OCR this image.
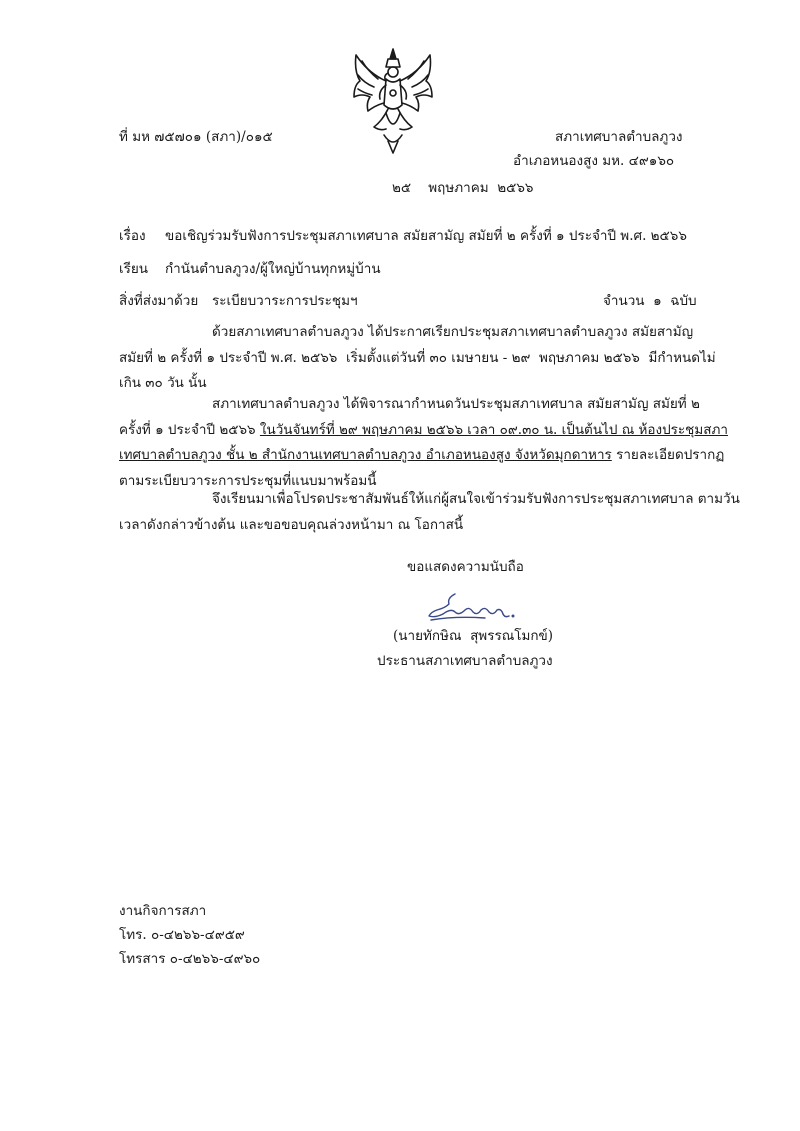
ที่ มห ๗๕๗๐๑ (สภา)/๐๑๕	สภาเทศบาลตำบลภูวง
อำเภอหนองสูง มห. ๔๙๑๖๐
๒๕    พฤษภาคม  ๒๕๖๖
เรื่อง ขอเชิญร่วมรับฟังการประชุมสภาเทศบาล สมัยสามัญ สมัยที่ ๒ ครั้งที่ ๑ ประจำปี พ.ศ. ๒๕๖๖
เรียน กำนันตำบลภูวง/ผู้ใหญ่บ้านทุกหมู่บ้าน
สิ่งที่ส่งมาด้วย ระเบียบวาระการประชุมฯ	จำนวน  ๑  ฉบับ
ด้วยสภาเทศบาลตำบลภูวง ได้ประกาศเรียกประชุมสภาเทศบาลตำบลภูวง สมัยสามัญ
สมัยที่ ๒ ครั้งที่ ๑ ประจำปี พ.ศ. ๒๕๖๖  เริ่มตั้งแต่วันที่ ๓๐ เมษายน - ๒๙  พฤษภาคม ๒๕๖๖  มีกำหนดไม่
เกิน ๓๐ วัน นั้น
สภาเทศบาลตำบลภูวง ได้พิจารณากำหนดวันประชุมสภาเทศบาล สมัยสามัญ สมัยที่ ๒
ครั้งที่ ๑ ประจำปี ๒๕๖๖ ในวันจันทร์ที่ ๒๙ พฤษภาคม ๒๕๖๖ เวลา ๐๙.๓๐ น. เป็นต้นไป ณ ห้องประชุมสภา
เทศบาลตำบลภูวง ชั้น ๒ สำนักงานเทศบาลตำบลภูวง อำเภอหนองสูง จังหวัดมุกดาหาร รายละเอียดปรากฏ
ตามระเบียบวาระการประชุมที่แนบมาพร้อมนี้
จึงเรียนมาเพื่อโปรดประชาสัมพันธ์ให้แก่ผู้สนใจเข้าร่วมรับฟังการประชุมสภาเทศบาล ตามวัน
เวลาดังกล่าวข้างต้น และขอขอบคุณล่วงหน้ามา ณ โอกาสนี้
ขอแสดงความนับถือ
(นายทักษิณ  สุพรรณโมกข์)
ประธานสภาเทศบาลตำบลภูวง
งานกิจการสภา
โทร. ๐-๔๒๖๖-๔๙๕๙
โทรสาร ๐-๔๒๖๖-๔๙๖๐
